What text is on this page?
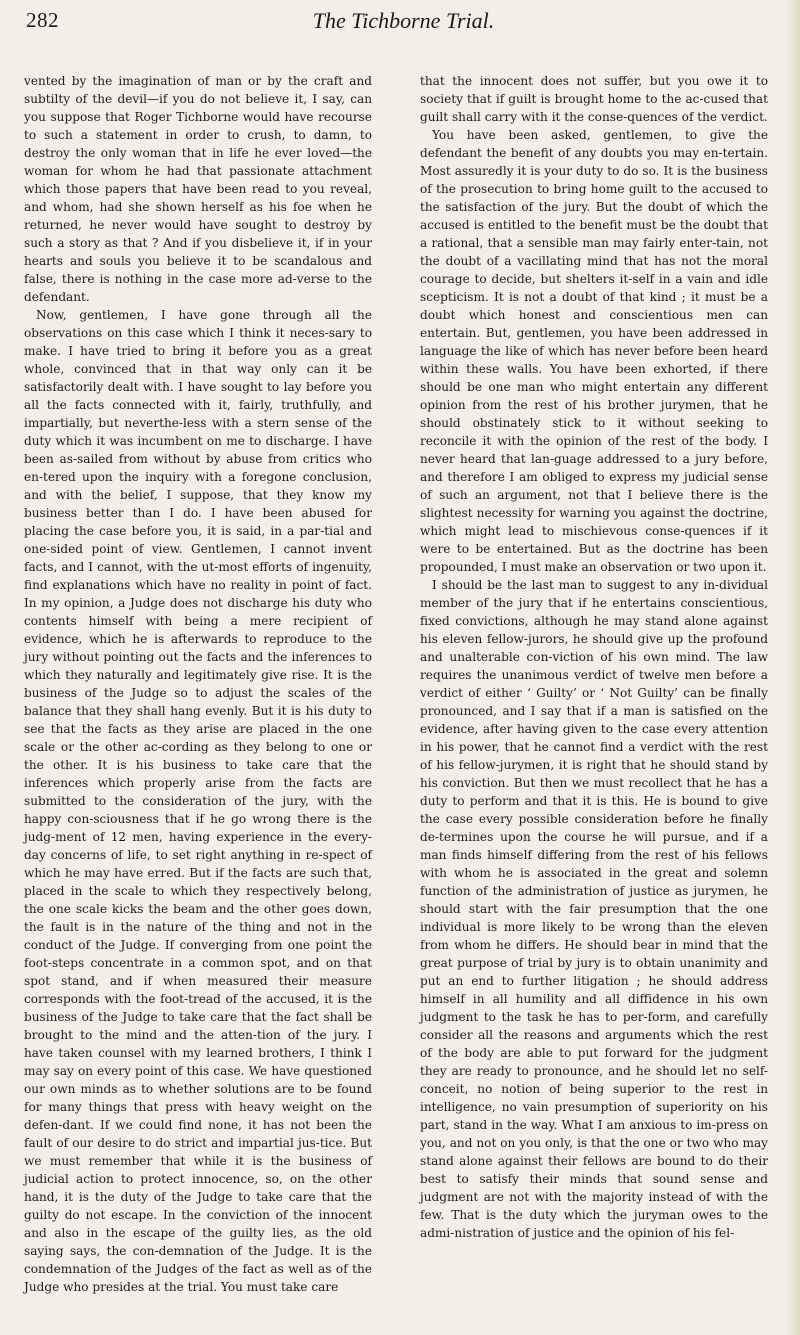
282	The Tichborne Trial.

vented by the imagination of man or by the craft and subtilty of the devil—if you do not believe it, I say, can you suppose that Roger Tichborne would have recourse to such a statement in order to crush, to damn, to destroy the only woman that in life he ever loved—the woman for whom he had that passionate attachment which those papers that have been read to you reveal, and whom, had she shown herself as his foe when he returned, he never would have sought to destroy by such a story as that ? And if you disbelieve it, if in your hearts and souls you believe it to be scandalous and false, there is nothing in the case more ad-verse to the defendant.

Now, gentlemen, I have gone through all the observations on this case which I think it neces-sary to make. I have tried to bring it before you as a great whole, convinced that in that way only can it be satisfactorily dealt with. I have sought to lay before you all the facts connected with it, fairly, truthfully, and impartially, but neverthe-less with a stern sense of the duty which it was incumbent on me to discharge. I have been as-sailed from without by abuse from critics who en-tered upon the inquiry with a foregone conclusion, and with the belief, I suppose, that they know my business better than I do. I have been abused for placing the case before you, it is said, in a par-tial and one-sided point of view. Gentlemen, I cannot invent facts, and I cannot, with the ut-most efforts of ingenuity, find explanations which have no reality in point of fact. In my opinion, a Judge does not discharge his duty who contents himself with being a mere recipient of evidence, which he is afterwards to reproduce to the jury without pointing out the facts and the inferences to which they naturally and legitimately give rise. It is the business of the Judge so to adjust the scales of the balance that they shall hang evenly. But it is his duty to see that the facts as they arise are placed in the one scale or the other ac-cording as they belong to one or the other. It is his business to take care that the inferences which properly arise from the facts are submitted to the consideration of the jury, with the happy con-sciousness that if he go wrong there is the judg-ment of 12 men, having experience in the every-day concerns of life, to set right anything in re-spect of which he may have erred. But if the facts are such that, placed in the scale to which they respectively belong, the one scale kicks the beam and the other goes down, the fault is in the nature of the thing and not in the conduct of the Judge. If converging from one point the foot-steps concentrate in a common spot, and on that spot stand, and if when measured their measure corresponds with the foot-tread of the accused, it is the business of the Judge to take care that the fact shall be brought to the mind and the atten-tion of the jury. I have taken counsel with my learned brothers, I think I may say on every point of this case. We have questioned our own minds as to whether solutions are to be found for many things that press with heavy weight on the defen-dant. If we could find none, it has not been the fault of our desire to do strict and impartial jus-tice. But we must remember that while it is the business of judicial action to protect innocence, so, on the other hand, it is the duty of the Judge to take care that the guilty do not escape. In the conviction of the innocent and also in the escape of the guilty lies, as the old saying says, the con-demnation of the Judge. It is the condemnation of the Judges of the fact as well as of the Judge who presides at the trial. You must take care

that the innocent does not suffer, but you owe it to society that if guilt is brought home to the ac-cused that guilt shall carry with it the conse-quences of the verdict.

You have been asked, gentlemen, to give the defendant the benefit of any doubts you may en-tertain. Most assuredly it is your duty to do so. It is the business of the prosecution to bring home guilt to the accused to the satisfaction of the jury. But the doubt of which the accused is entitled to the benefit must be the doubt that a rational, that a sensible man may fairly enter-tain, not the doubt of a vacillating mind that has not the moral courage to decide, but shelters it-self in a vain and idle scepticism. It is not a doubt of that kind ; it must be a doubt which honest and conscientious men can entertain. But, gentlemen, you have been addressed in language the like of which has never before been heard within these walls. You have been exhorted, if there should be one man who might entertain any different opinion from the rest of his brother jurymen, that he should obstinately stick to it without seeking to reconcile it with the opinion of the rest of the body. I never heard that lan-guage addressed to a jury before, and therefore I am obliged to express my judicial sense of such an argument, not that I believe there is the slightest necessity for warning you against the doctrine, which might lead to mischievous conse-quences if it were to be entertained. But as the doctrine has been propounded, I must make an observation or two upon it.

I should be the last man to suggest to any in-dividual member of the jury that if he entertains conscientious, fixed convictions, although he may stand alone against his eleven fellow-jurors, he should give up the profound and unalterable con-viction of his own mind. The law requires the unanimous verdict of twelve men before a verdict of either ‘ Guilty’ or ‘ Not Guilty’ can be finally pronounced, and I say that if a man is satisfied on the evidence, after having given to the case every attention in his power, that he cannot find a verdict with the rest of his fellow-jurymen, it is right that he should stand by his conviction. But then we must recollect that he has a duty to perform and that it is this. He is bound to give the case every possible consideration before he finally de-termines upon the course he will pursue, and if a man finds himself differing from the rest of his fellows with whom he is associated in the great and solemn function of the administration of justice as jurymen, he should start with the fair presumption that the one individual is more likely to be wrong than the eleven from whom he differs. He should bear in mind that the great purpose of trial by jury is to obtain unanimity and put an end to further litigation ; he should address himself in all humility and all diffidence in his own judgment to the task he has to per-form, and carefully consider all the reasons and arguments which the rest of the body are able to put forward for the judgment they are ready to pronounce, and he should let no self-conceit, no notion of being superior to the rest in intelligence, no vain presumption of superiority on his part, stand in the way. What I am anxious to im-press on you, and not on you only, is that the one or two who may stand alone against their fellows are bound to do their best to satisfy their minds that sound sense and judgment are not with the majority instead of with the few. That is the duty which the juryman owes to the admi-nistration of justice and the opinion of his fel-
